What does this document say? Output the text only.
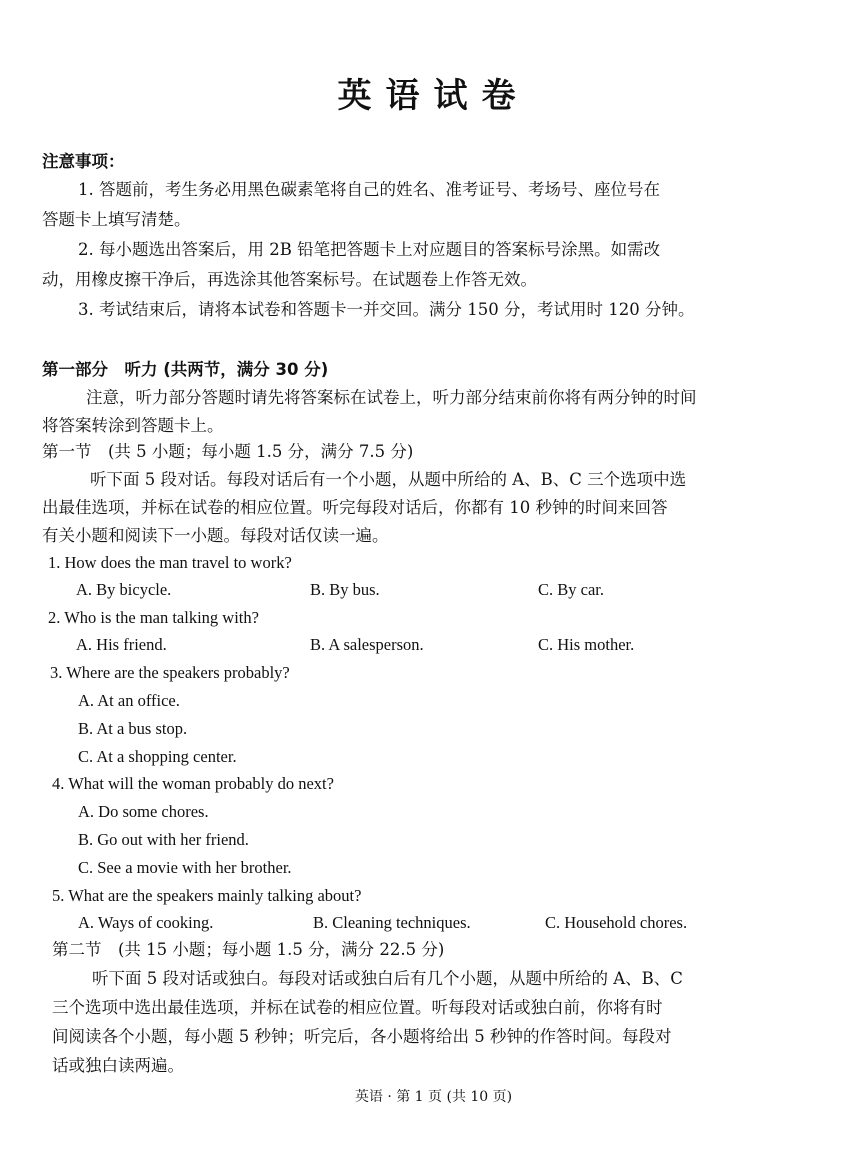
英语试卷
注意事项：
1. 答题前，考生务必用黑色碳素笔将自己的姓名、准考证号、考场号、座位号在
答题卡上填写清楚。
2. 每小题选出答案后，用 2B 铅笔把答题卡上对应题目的答案标号涂黑。如需改
动，用橡皮擦干净后，再选涂其他答案标号。在试题卷上作答无效。
3. 考试结束后，请将本试卷和答题卡一并交回。满分 150 分，考试用时 120 分钟。
第一部分　听力 (共两节，满分 30 分)
注意，听力部分答题时请先将答案标在试卷上，听力部分结束前你将有两分钟的时间
将答案转涂到答题卡上。
第一节　(共 5 小题；每小题 1.5 分，满分 7.5 分)
听下面 5 段对话。每段对话后有一个小题，从题中所给的 A、B、C 三个选项中选
出最佳选项，并标在试卷的相应位置。听完每段对话后，你都有 10 秒钟的时间来回答
有关小题和阅读下一小题。每段对话仅读一遍。
1. How does the man travel to work?
A. By bicycle.	B. By bus.	C. By car.
2. Who is the man talking with?
A. His friend.	B. A salesperson.	C. His mother.
3. Where are the speakers probably?
A. At an office.
B. At a bus stop.
C. At a shopping center.
4. What will the woman probably do next?
A. Do some chores.
B. Go out with her friend.
C. See a movie with her brother.
5. What are the speakers mainly talking about?
A. Ways of cooking.	B. Cleaning techniques.	C. Household chores.
第二节　(共 15 小题；每小题 1.5 分，满分 22.5 分)
听下面 5 段对话或独白。每段对话或独白后有几个小题，从题中所给的 A、B、C
三个选项中选出最佳选项，并标在试卷的相应位置。听每段对话或独白前，你将有时
间阅读各个小题，每小题 5 秒钟；听完后，各小题将给出 5 秒钟的作答时间。每段对
话或独白读两遍。
英语 · 第 1 页 (共 10 页)
